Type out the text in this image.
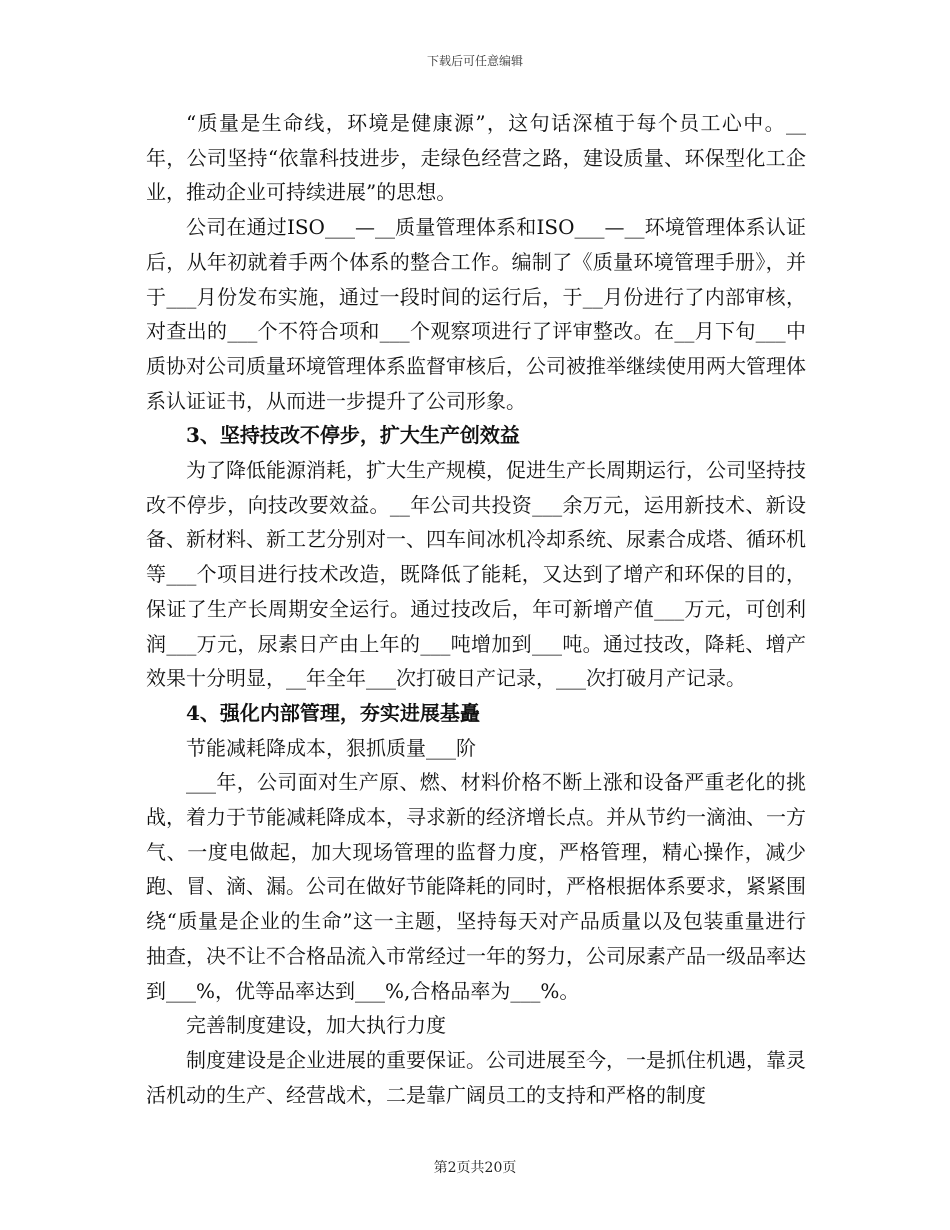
下载后可任意编辑

“质量是生命线，环境是健康源”，这句话深植于每个员工心中。__年，公司坚持“依靠科技进步，走绿色经营之路，建设质量、环保型化工企业，推动企业可持续进展”的思想。

公司在通过ISO___—__质量管理体系和ISO___—__环境管理体系认证后，从年初就着手两个体系的整合工作。编制了《质量环境管理手册》，并于___月份发布实施，通过一段时间的运行后，于__月份进行了内部审核，对查出的___个不符合项和___个观察项进行了评审整改。在__月下旬___中质协对公司质量环境管理体系监督审核后，公司被推举继续使用两大管理体系认证证书，从而进一步提升了公司形象。

3、坚持技改不停步，扩大生产创效益

为了降低能源消耗，扩大生产规模，促进生产长周期运行，公司坚持技改不停步，向技改要效益。__年公司共投资___余万元，运用新技术、新设备、新材料、新工艺分别对一、四车间冰机冷却系统、尿素合成塔、循环机等___个项目进行技术改造，既降低了能耗，又达到了增产和环保的目的，保证了生产长周期安全运行。通过技改后，年可新增产值___万元，可创利润___万元，尿素日产由上年的___吨增加到___吨。通过技改，降耗、增产效果十分明显，__年全年___次打破日产记录，___次打破月产记录。

4、强化内部管理，夯实进展基矗

节能减耗降成本，狠抓质量___阶

___年，公司面对生产原、燃、材料价格不断上涨和设备严重老化的挑战，着力于节能减耗降成本，寻求新的经济增长点。并从节约一滴油、一方气、一度电做起，加大现场管理的监督力度，严格管理，精心操作，减少跑、冒、滴、漏。公司在做好节能降耗的同时，严格根据体系要求，紧紧围绕“质量是企业的生命”这一主题，坚持每天对产品质量以及包装重量进行抽查，决不让不合格品流入市常经过一年的努力，公司尿素产品一级品率达到___%，优等品率达到___%,合格品率为___%。

完善制度建设，加大执行力度

制度建设是企业进展的重要保证。公司进展至今，一是抓住机遇，靠灵活机动的生产、经营战术，二是靠广阔员工的支持和严格的制度

第2页共20页
